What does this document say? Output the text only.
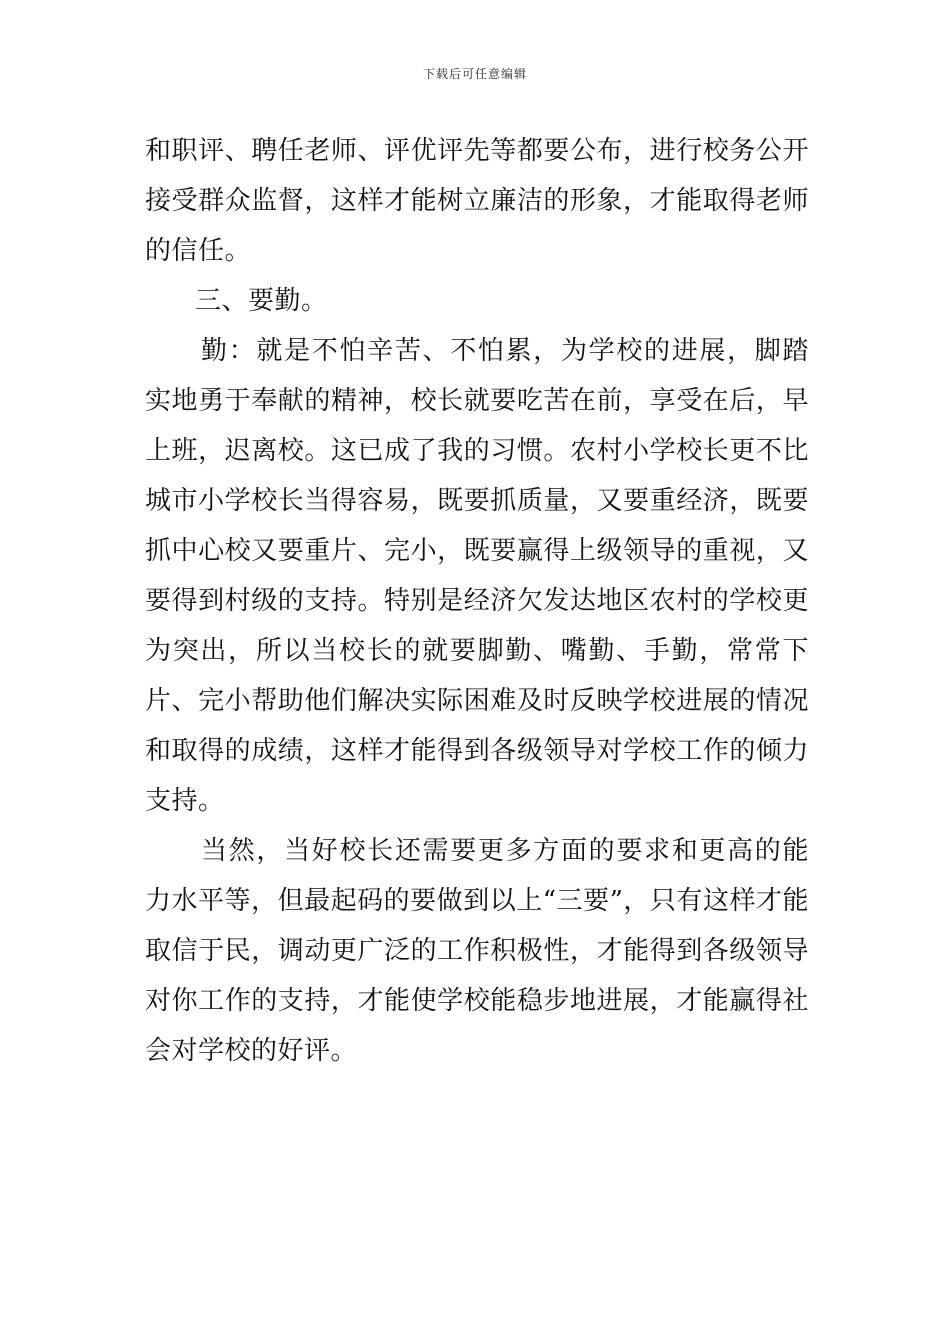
下载后可任意编辑

和职评、聘任老师、评优评先等都要公布，进行校务公开接受群众监督，这样才能树立廉洁的形象，才能取得老师的信任。

三、要勤。

勤：就是不怕辛苦、不怕累，为学校的进展，脚踏实地勇于奉献的精神，校长就要吃苦在前，享受在后，早上班，迟离校。这已成了我的习惯。农村小学校长更不比城市小学校长当得容易，既要抓质量，又要重经济，既要抓中心校又要重片、完小，既要赢得上级领导的重视，又要得到村级的支持。特别是经济欠发达地区农村的学校更为突出，所以当校长的就要脚勤、嘴勤、手勤，常常下片、完小帮助他们解决实际困难及时反映学校进展的情况和取得的成绩，这样才能得到各级领导对学校工作的倾力支持。

当然，当好校长还需要更多方面的要求和更高的能力水平等，但最起码的要做到以上“三要”，只有这样才能取信于民，调动更广泛的工作积极性，才能得到各级领导对你工作的支持，才能使学校能稳步地进展，才能赢得社会对学校的好评。
